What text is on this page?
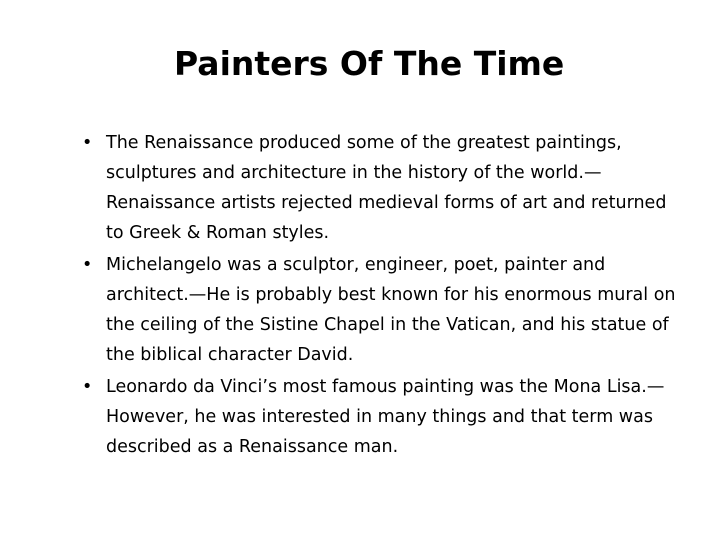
Painters Of The Time
• The Renaissance produced some of the greatest paintings, sculptures and architecture in the history of the world.—Renaissance artists rejected medieval forms of art and returned to Greek & Roman styles.
• Michelangelo was a sculptor, engineer, poet, painter and architect.—He is probably best known for his enormous mural on the ceiling of the Sistine Chapel in the Vatican, and his statue of the biblical character David.
• Leonardo da Vinci’s most famous painting was the Mona Lisa.—However, he was interested in many things and that term was described as a Renaissance man.
